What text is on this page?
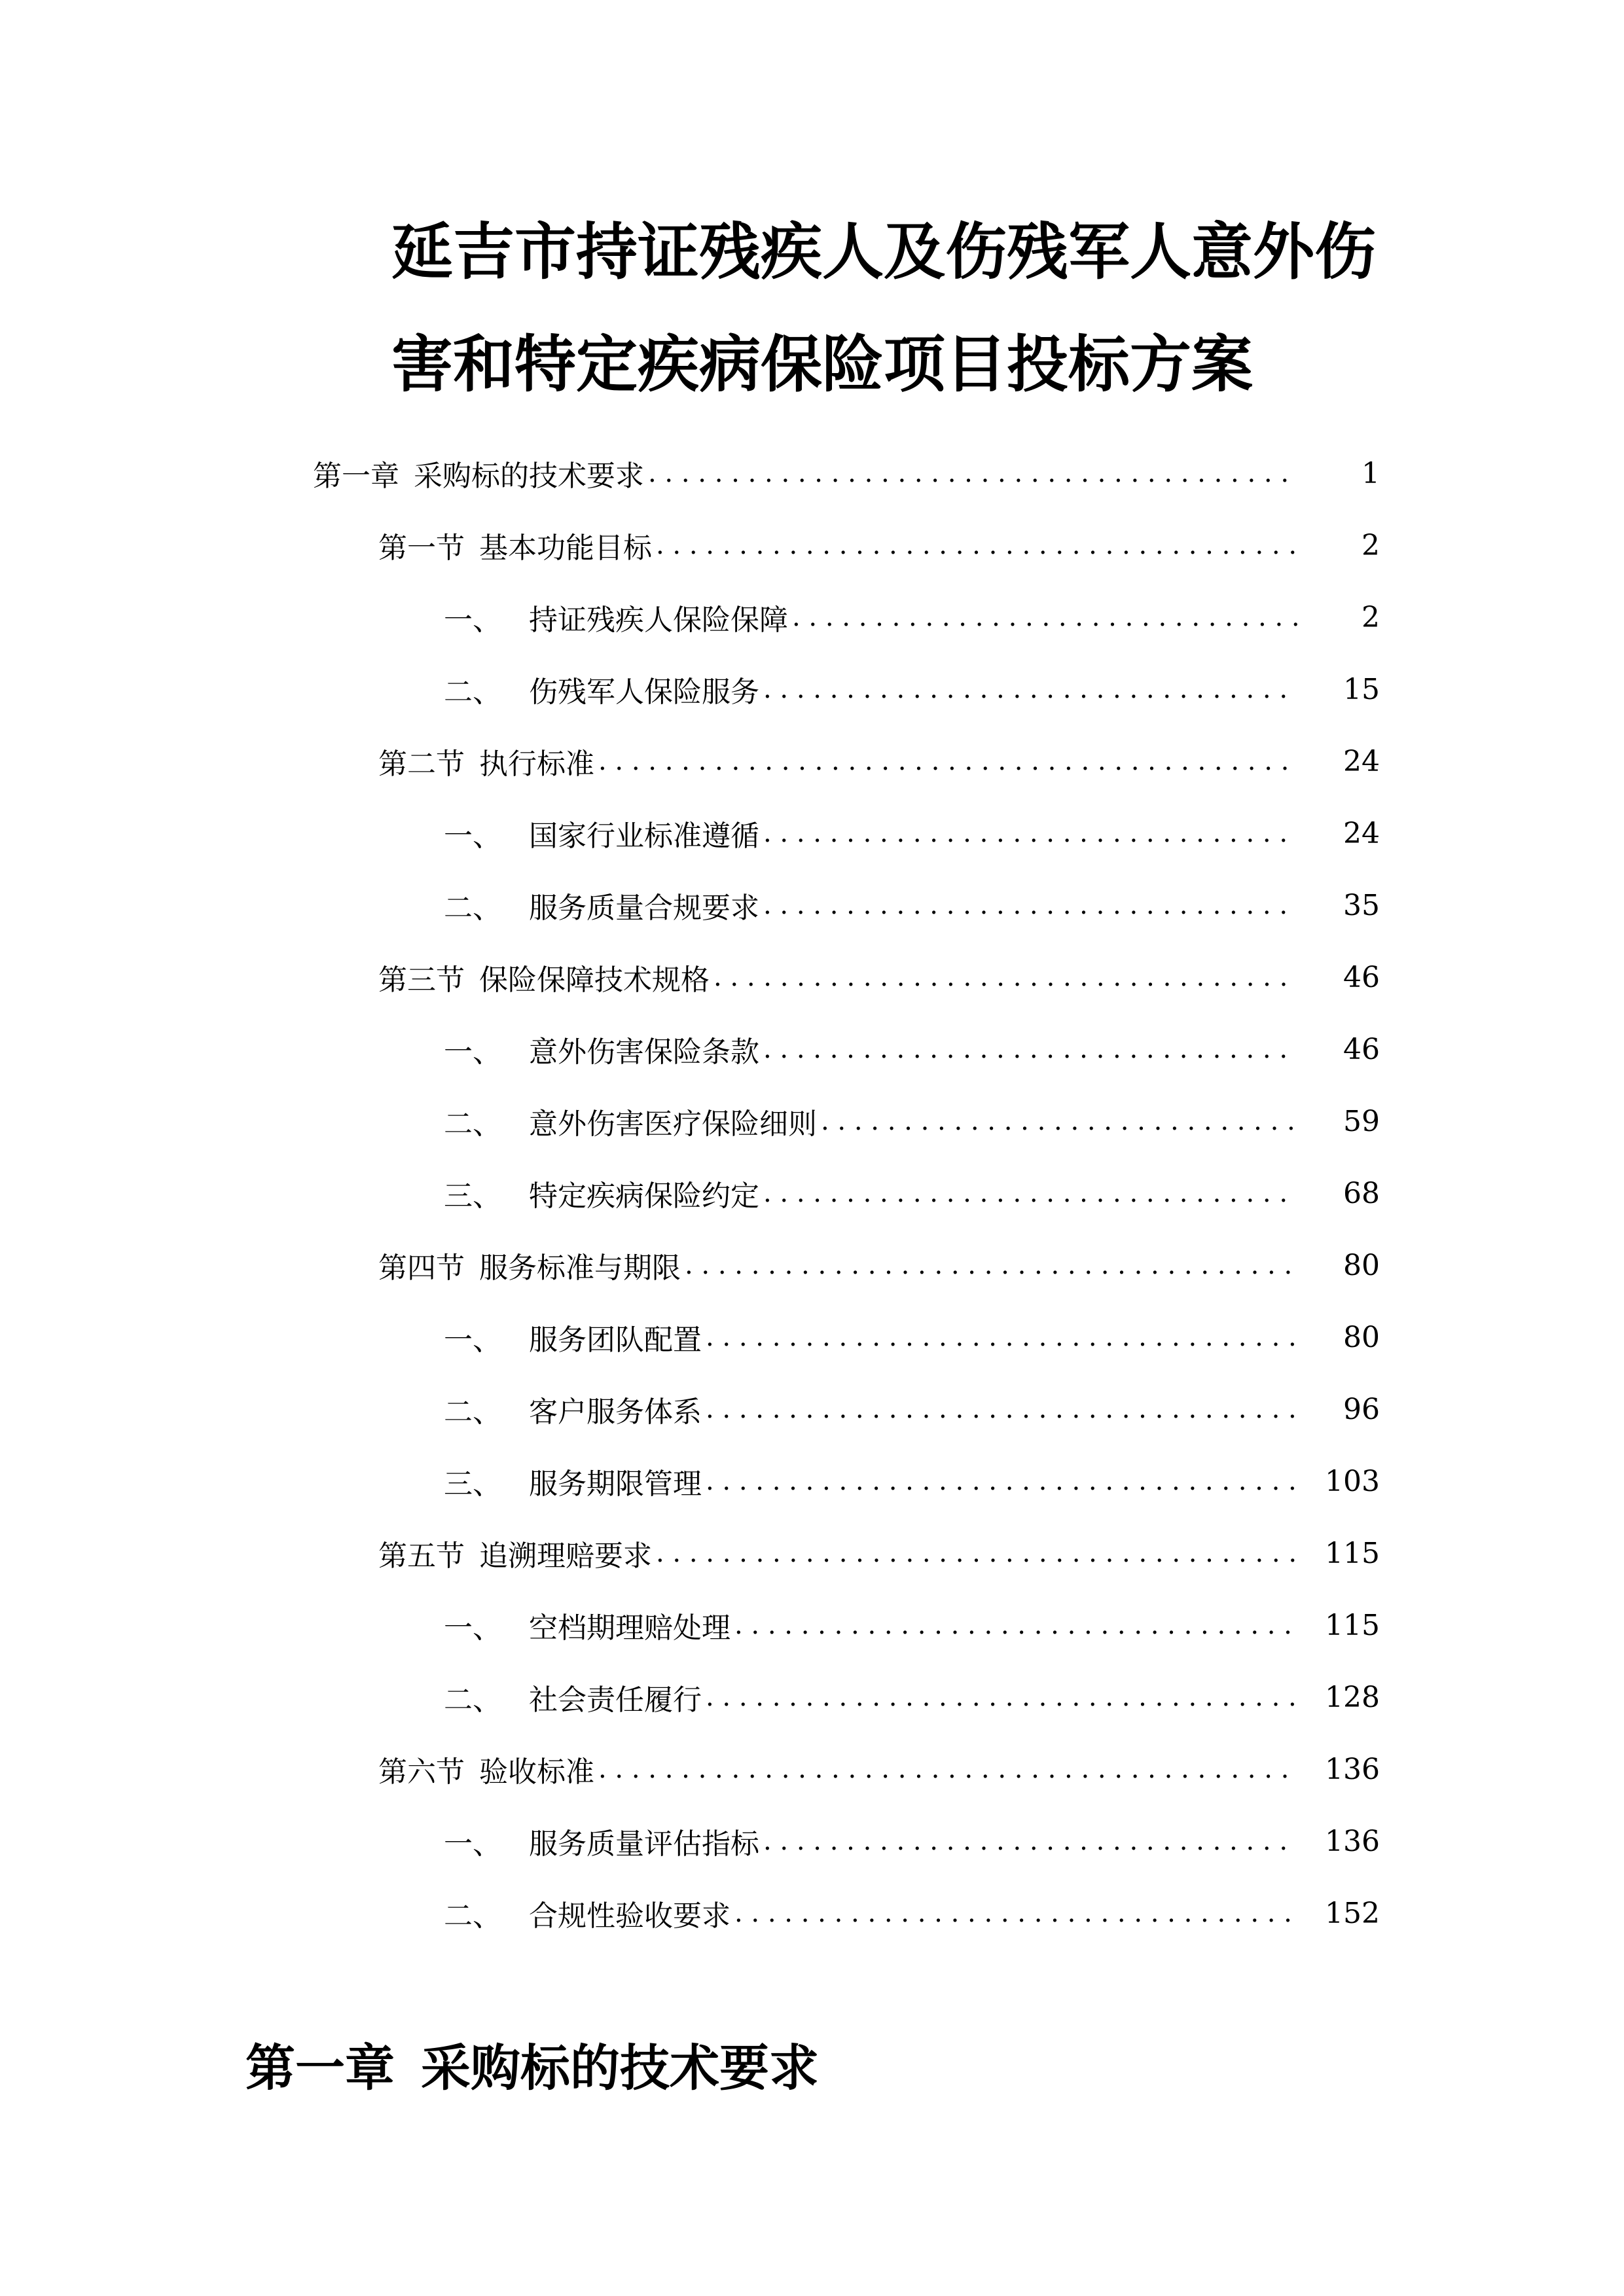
延吉市持证残疾人及伤残军人意外伤
害和特定疾病保险项目投标方案
第一章 采购标的技术要求 . . .	1
第一节 基本功能目标 . . .	2
一、 持证残疾人保险保障 . . .	2
二、 伤残军人保险服务 . . .	15
第二节 执行标准 . . .	24
一、 国家行业标准遵循 . . .	24
二、 服务质量合规要求 . . .	35
第三节 保险保障技术规格 . . .	46
一、 意外伤害保险条款 . . .	46
二、 意外伤害医疗保险细则 . . .	59
三、 特定疾病保险约定 . . .	68
第四节 服务标准与期限 . . .	80
一、 服务团队配置 . . .	80
二、 客户服务体系 . . .	96
三、 服务期限管理 . . .	103
第五节 追溯理赔要求 . . .	115
一、 空档期理赔处理 . . .	115
二、 社会责任履行 . . .	128
第六节 验收标准 . . .	136
一、 服务质量评估指标 . . .	136
二、 合规性验收要求 . . .	152
第一章 采购标的技术要求
